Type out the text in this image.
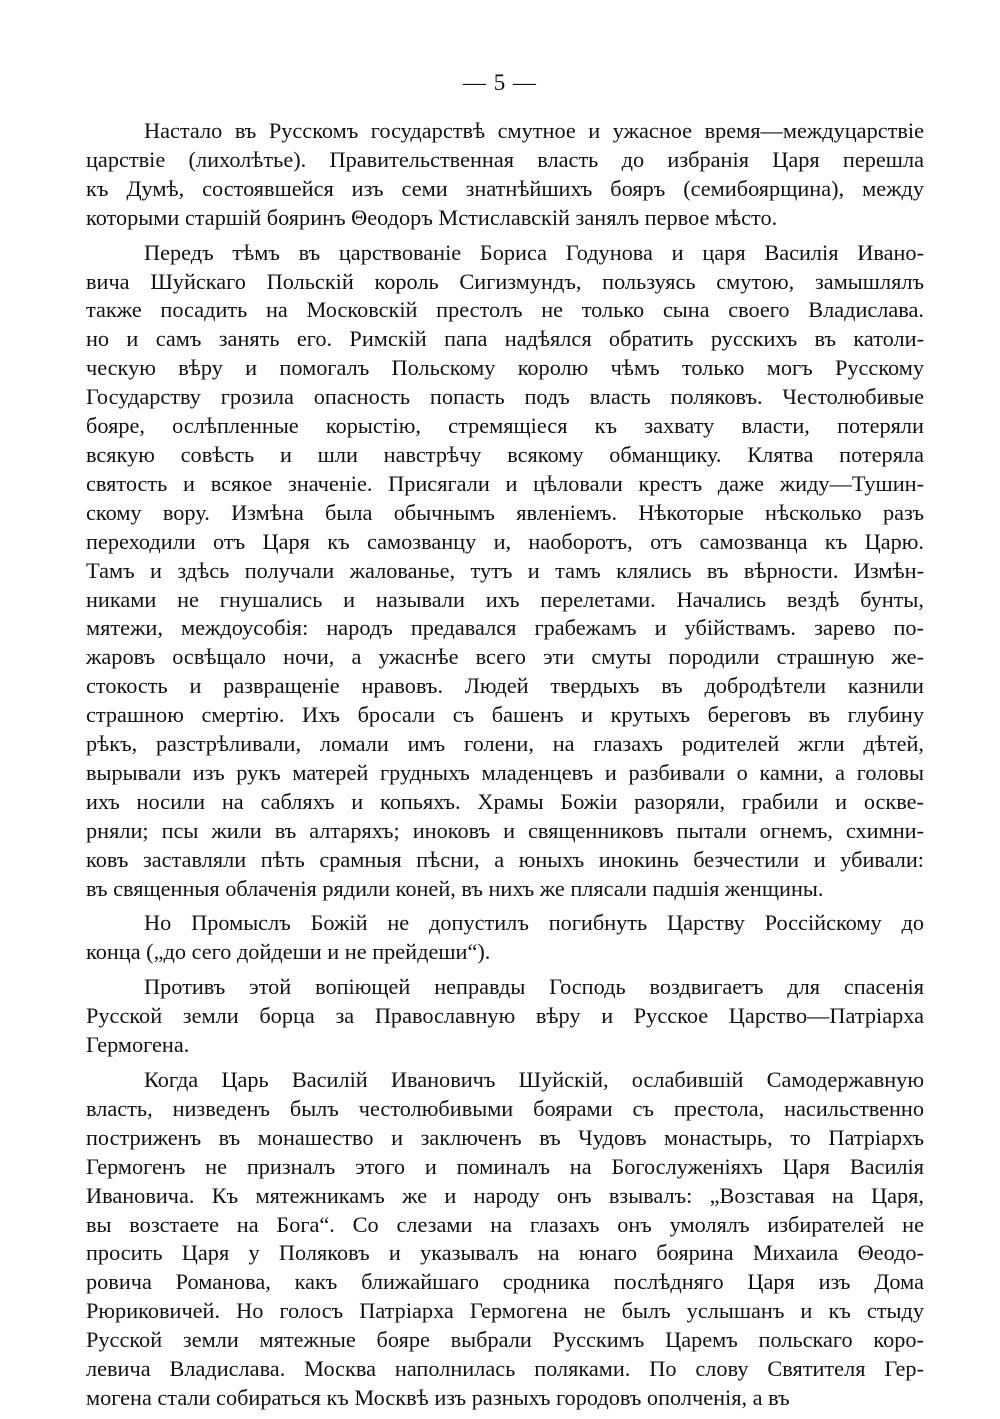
— 5 —
Настало въ Русскомъ государствѣ смутное и ужасное время—междуцарствіе
царствіе (лихолѣтье). Правительственная власть до избранія Царя перешла
къ Думѣ, состоявшейся изъ семи знатнѣйшихъ бояръ (семибоярщина), между
которыми старшій бояринъ Θеодоръ Мстиславскій занялъ первое мѣсто.
Передъ тѣмъ въ царствованіе Бориса Годунова и царя Василія Ивано-
вича Шуйскаго Польскій король Сигизмундъ, пользуясь смутою, замышлялъ
также посадить на Московскій престолъ не только сына своего Владислава.
но и самъ занять его. Римскій папа надѣялся обратить русскихъ въ католи-
ческую вѣру и помогалъ Польскому королю чѣмъ только могъ Русскому
Государству грозила опасность попасть подъ власть поляковъ. Честолюбивые
бояре, ослѣпленные корыстію, стремящіеся къ захвату власти, потеряли
всякую совѣсть и шли навстрѣчу всякому обманщику. Клятва потеряла
святость и всякое значеніе. Присягали и цѣловали крестъ даже жиду—Тушин-
скому вору. Измѣна была обычнымъ явленіемъ. Нѣкоторые нѣсколько разъ
переходили отъ Царя къ самозванцу и, наоборотъ, отъ самозванца къ Царю.
Тамъ и здѣсь получали жалованье, тутъ и тамъ клялись въ вѣрности. Измѣн-
никами не гнушались и называли ихъ перелетами. Начались вездѣ бунты,
мятежи, междоусобія: народъ предавался грабежамъ и убійствамъ. зарево по-
жаровъ освѣщало ночи, а ужаснѣе всего эти смуты породили страшную же-
стокость и развращеніе нравовъ. Людей твердыхъ въ добродѣтели казнили
страшною смертію. Ихъ бросали съ башенъ и крутыхъ береговъ въ глубину
рѣкъ, разстрѣливали, ломали имъ голени, на глазахъ родителей жгли дѣтей,
вырывали изъ рукъ матерей грудныхъ младенцевъ и разбивали о камни, а головы
ихъ носили на сабляхъ и копьяхъ. Храмы Божіи разоряли, грабили и оскве-
рняли; псы жили въ алтаряхъ; иноковъ и священниковъ пытали огнемъ, схимни-
ковъ заставляли пѣть срамныя пѣсни, а юныхъ инокинь безчестили и убивали:
въ священныя облаченія рядили коней, въ нихъ же плясали падшія женщины.
Но Промыслъ Божій не допустилъ погибнуть Царству Россійскому до
конца („до сего дойдеши и не прейдеши“).
Противъ этой вопіющей неправды Господь воздвигаетъ для спасенія
Русской земли борца за Православную вѣру и Русское Царство—Патріарха
Гермогена.
Когда Царь Василій Ивановичъ Шуйскій, ослабившій Самодержавную
власть, низведенъ былъ честолюбивыми боярами съ престола, насильственно
постриженъ въ монашество и заключенъ въ Чудовъ монастырь, то Патріархъ
Гермогенъ не призналъ этого и поминалъ на Богослуженіяхъ Царя Василія
Ивановича. Къ мятежникамъ же и народу онъ взывалъ: „Возставая на Царя,
вы возстаете на Бога“. Со слезами на глазахъ онъ умолялъ избирателей не
просить Царя у Поляковъ и указывалъ на юнаго боярина Михаила Θеодо-
ровича Романова, какъ ближайшаго сродника послѣдняго Царя изъ Дома
Рюриковичей. Но голосъ Патріарха Гермогена не былъ услышанъ и къ стыду
Русской земли мятежные бояре выбрали Русскимъ Царемъ польскаго коро-
левича Владислава. Москва наполнилась поляками. По слову Святителя Гер-
могена стали собираться къ Москвѣ изъ разныхъ городовъ ополченія, а въ
